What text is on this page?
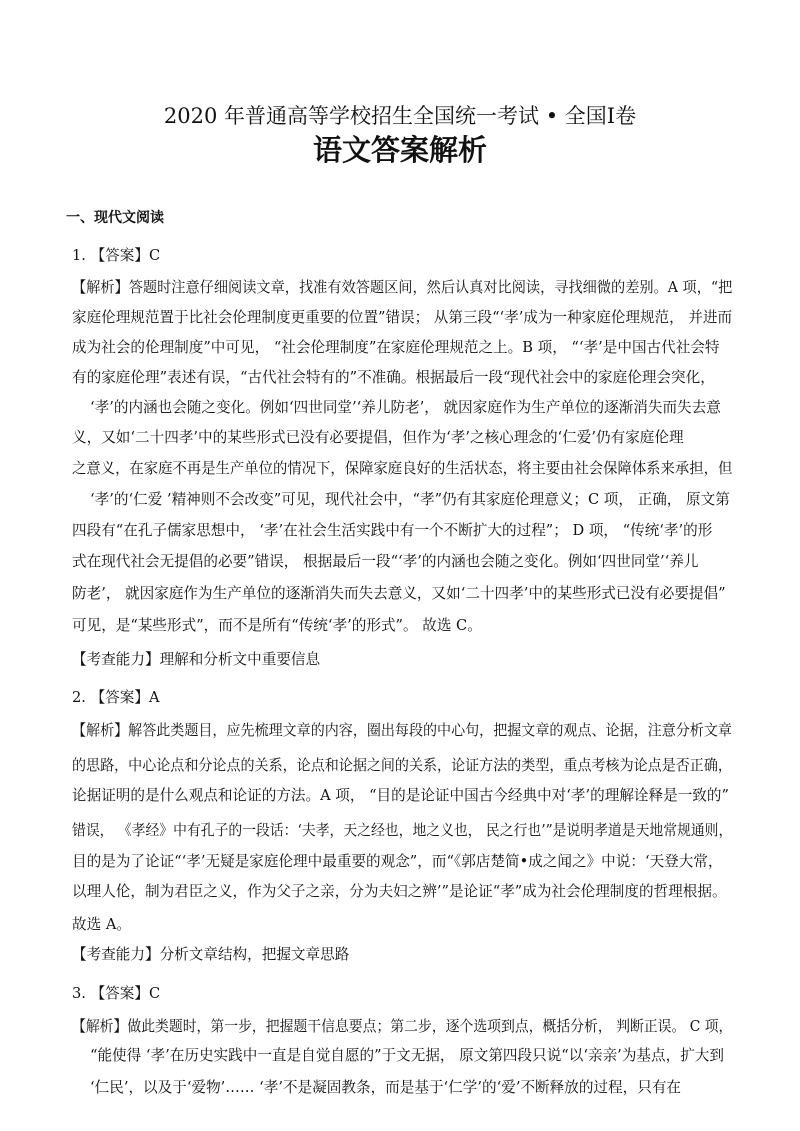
2020 年普通高等学校招生全国统一考试 • 全国Ⅰ卷
语文答案解析
一、现代文阅读
1. 【答案】C
【解析】答题时注意仔细阅读文章，找准有效答题区间，然后认真对比阅读，寻找细微的差别。A 项，“把
家庭伦理规范置于比社会伦理制度更重要的位置”错误； 从第三段“‘孝’成为一种家庭伦理规范， 并进而
成为社会的伦理制度”中可见， “社会伦理制度”在家庭伦理规范之上。B 项， “‘孝’是中国古代社会特
有的家庭伦理”表述有误，“古代社会特有的”不准确。根据最后一段“现代社会中的家庭伦理会突化，
‘孝’的内涵也会随之变化。例如‘四世同堂’‘养儿防老’， 就因家庭作为生产单位的逐渐消失而失去意
义，又如‘二十四孝’中的某些形式已没有必要提倡，但作为‘孝’之核心理念的‘仁爱’仍有家庭伦理
之意义，在家庭不再是生产单位的情况下，保障家庭良好的生活状态，将主要由社会保障体系来承担，但
‘孝’的‘仁爱 ’精神则不会改变”可见，现代社会中，“孝”仍有其家庭伦理意义；C 项， 正确， 原文第
四段有“在孔子儒家思想中， ‘孝’在社会生活实践中有一个不断扩大的过程”； D 项， “传统‘孝’的形
式在现代社会无提倡的必要”错误， 根据最后一段“‘孝’的内涵也会随之变化。例如‘四世同堂’‘养儿
防老’， 就因家庭作为生产单位的逐渐消失而失去意义，又如‘二十四孝’中的某些形式已没有必要提倡”
可见，是“某些形式”，而不是所有“传统‘孝’的形式”。 故选 C。
【考查能力】理解和分析文中重要信息
2. 【答案】A
【解析】解答此类题目，应先梳理文章的内容，圈出每段的中心句，把握文章的观点、论据，注意分析文章
的思路，中心论点和分论点的关系，论点和论据之间的关系，论证方法的类型，重点考核为论点是否正确，
论据证明的是什么观点和论证的方法。A 项， “目的是论证中国古今经典中对‘孝’的理解诠释是一致的”
错误， 《孝经》中有孔子的一段话：‘夫孝，天之经也，地之义也， 民之行也’”是说明孝道是天地常规通则，
目的是为了论证“‘孝’无疑是家庭伦理中最重要的观念”，而“《郭店楚简•成之闻之》中说：‘天登大常，
以理人伦，制为君臣之义，作为父子之亲，分为夫妇之辨’”是论证“孝”成为社会伦理制度的哲理根据。
故选 A。
【考查能力】分析文章结构，把握文章思路
3. 【答案】C
【解析】做此类题时，第一步，把握题干信息要点；第二步，逐个选项到点，概括分析， 判断正误。 C 项，
“能使得 ‘孝’在历史实践中一直是自觉自愿的”于文无据， 原文第四段只说“以‘亲亲’为基点，扩大到
‘仁民’，以及于‘爱物’…… ‘孝’不是凝固教条，而是基于‘仁学’的‘爱’不断释放的过程，只有在
